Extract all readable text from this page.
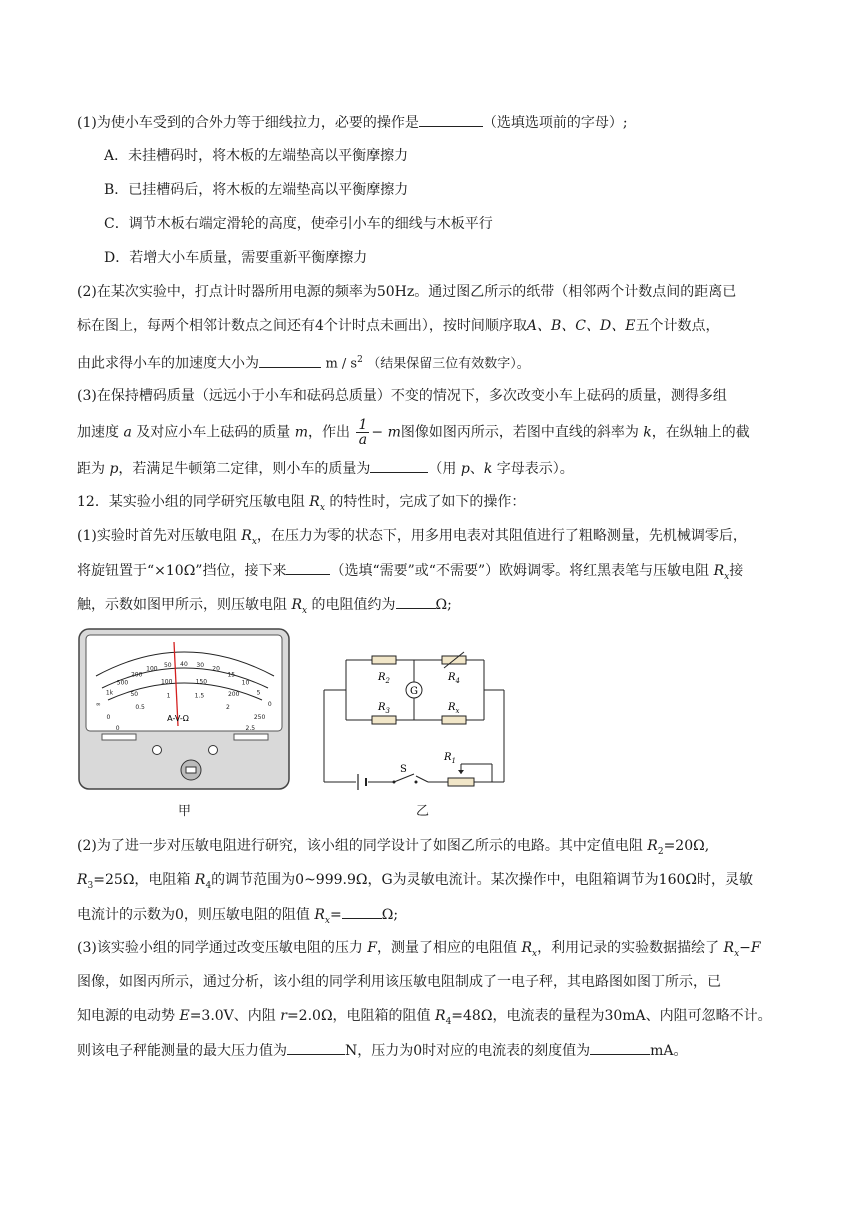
(1)为使小车受到的合外力等于细线拉力，必要的操作是	（选填选项前的字母）;
A．未挂槽码时，将木板的左端垫高以平衡摩擦力
B．已挂槽码后，将木板的左端垫高以平衡摩擦力
C．调节木板右端定滑轮的高度，使牵引小车的细线与木板平行
D．若增大小车质量，需要重新平衡摩擦力
(2)在某次实验中，打点计时器所用电源的频率为50Hz。通过图乙所示的纸带（相邻两个计数点间的距离已
标在图上，每两个相邻计数点之间还有4个计时点未画出），按时间顺序取A、B、C、D、E五个计数点，
由此求得小车的加速度大小为	m / $s^2$ （结果保留三位有效数字）。
(3)在保持槽码质量（远远小于小车和砝码总质量）不变的情况下，多次改变小车上砝码的质量，测得多组
加速度 a 及对应小车上砝码的质量 m，作出 $\frac{1}{a} - m$图像如图丙所示，若图中直线的斜率为 k，在纵轴上的截
距为 p，若满足牛顿第二定律，则小车的质量为	（用 p、k 字母表示）。
12．某实验小组的同学研究压敏电阻 $R_x$ 的特性时，完成了如下的操作：
(1)实验时首先对压敏电阻 $R_x$，在压力为零的状态下，用多用电表对其阻值进行了粗略测量，先机械调零后，
将旋钮置于“×10Ω”挡位，接下来	（选填“需要”或“不需要”）欧姆调零。将红黑表笔与压敏电阻 $R_x$接
触，示数如图甲所示，则压敏电阻 $R_x$ 的电阻值约为	Ω;
∞
1k
500
200
100 50 40 30 20
15
10
5
0
0
50
100	150
200
250
0
0.5
1	1.5
2
2.5
A-V-Ω
甲
G
$R_2$	$R_4$
$R_3$	$R_x$
S
$R_1$
乙
(2)为了进一步对压敏电阻进行研究，该小组的同学设计了如图乙所示的电路。其中定值电阻 $R_2=20\Omega$,
$R_3=25\Omega$，电阻箱 $R_4$的调节范围为0~999.9Ω，G为灵敏电流计。某次操作中，电阻箱调节为160Ω时，灵敏
电流计的示数为0，则压敏电阻的阻值 $R_x=$	Ω;
(3)该实验小组的同学通过改变压敏电阻的压力 F，测量了相应的电阻值 $R_x$，利用记录的实验数据描绘了 $R_x-F$
图像，如图丙所示，通过分析，该小组的同学利用该压敏电阻制成了一电子秤，其电路图如图丁所示，已
知电源的电动势 E=3.0V、内阻 r=2.0Ω，电阻箱的阻值 $R_4=48\Omega$，电流表的量程为30mA、内阻可忽略不计。
则该电子秤能测量的最大压力值为	N，压力为0时对应的电流表的刻度值为	mA。
